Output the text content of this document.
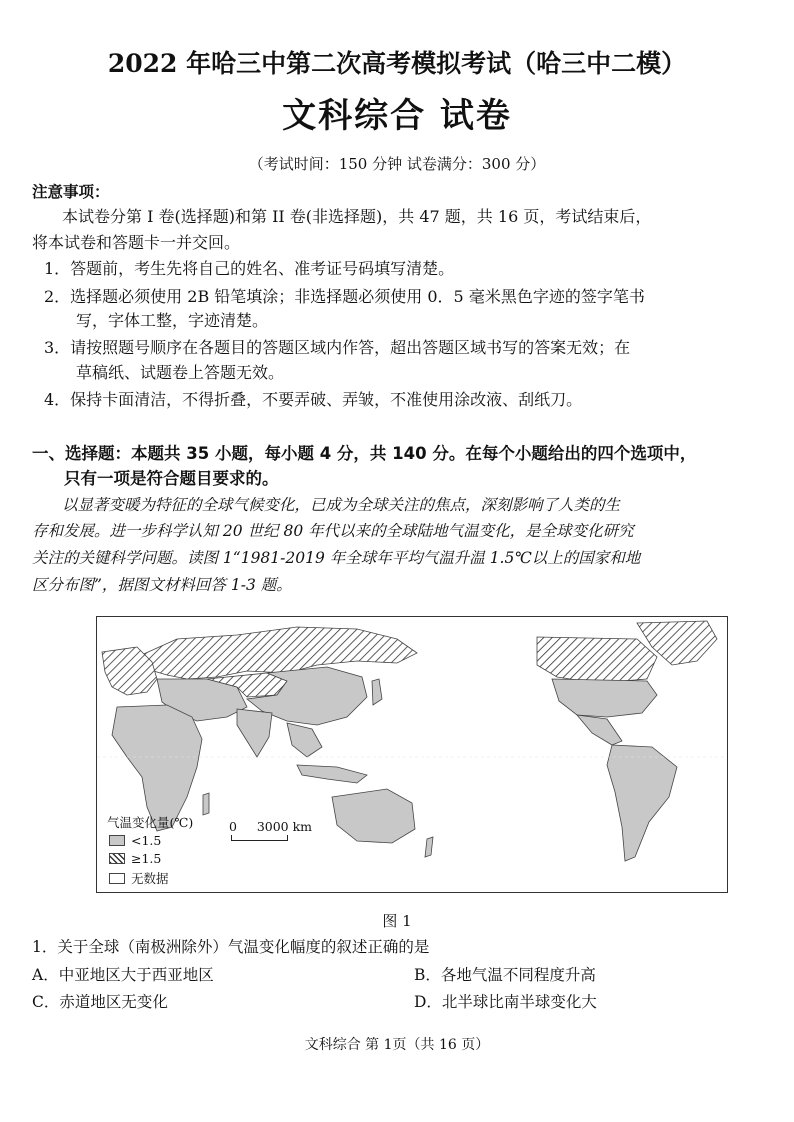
2022 年哈三中第二次高考模拟考试（哈三中二模）
文科综合 试卷
（考试时间：150 分钟 试卷满分：300 分）
注意事项：
本试卷分第 I 卷(选择题)和第 II 卷(非选择题)，共 47 题，共 16 页，考试结束后，
将本试卷和答题卡一并交回。
1．答题前，考生先将自己的姓名、准考证号码填写清楚。
2．选择题必须使用 2B 铅笔填涂；非选择题必须使用 0．5 毫米黑色字迹的签字笔书
写，字体工整，字迹清楚。
3．请按照题号顺序在各题目的答题区域内作答，超出答题区域书写的答案无效；在
草稿纸、试题卷上答题无效。
4．保持卡面清洁，不得折叠，不要弄破、弄皱，不准使用涂改液、刮纸刀。
一、选择题：本题共 35 小题，每小题 4 分，共 140 分。在每个小题给出的四个选项中，
只有一项是符合题目要求的。
以显著变暖为特征的全球气候变化，已成为全球关注的焦点，深刻影响了人类的生
存和发展。进一步科学认知 20 世纪 80 年代以来的全球陆地气温变化，是全球变化研究
关注的关键科学问题。读图 1“1981-2019 年全球年平均气温升温 1.5℃以上的国家和地
区分布图”，据图文材料回答 1-3 题。
气温变化量(℃)
<1.5
≥1.5
无数据
0     3000 km
图 1
1．关于全球（南极洲除外）气温变化幅度的叙述正确的是
A．中亚地区大于西亚地区	B．各地气温不同程度升高
C．赤道地区无变化	D．北半球比南半球变化大
文科综合 第 1页（共 16 页）
